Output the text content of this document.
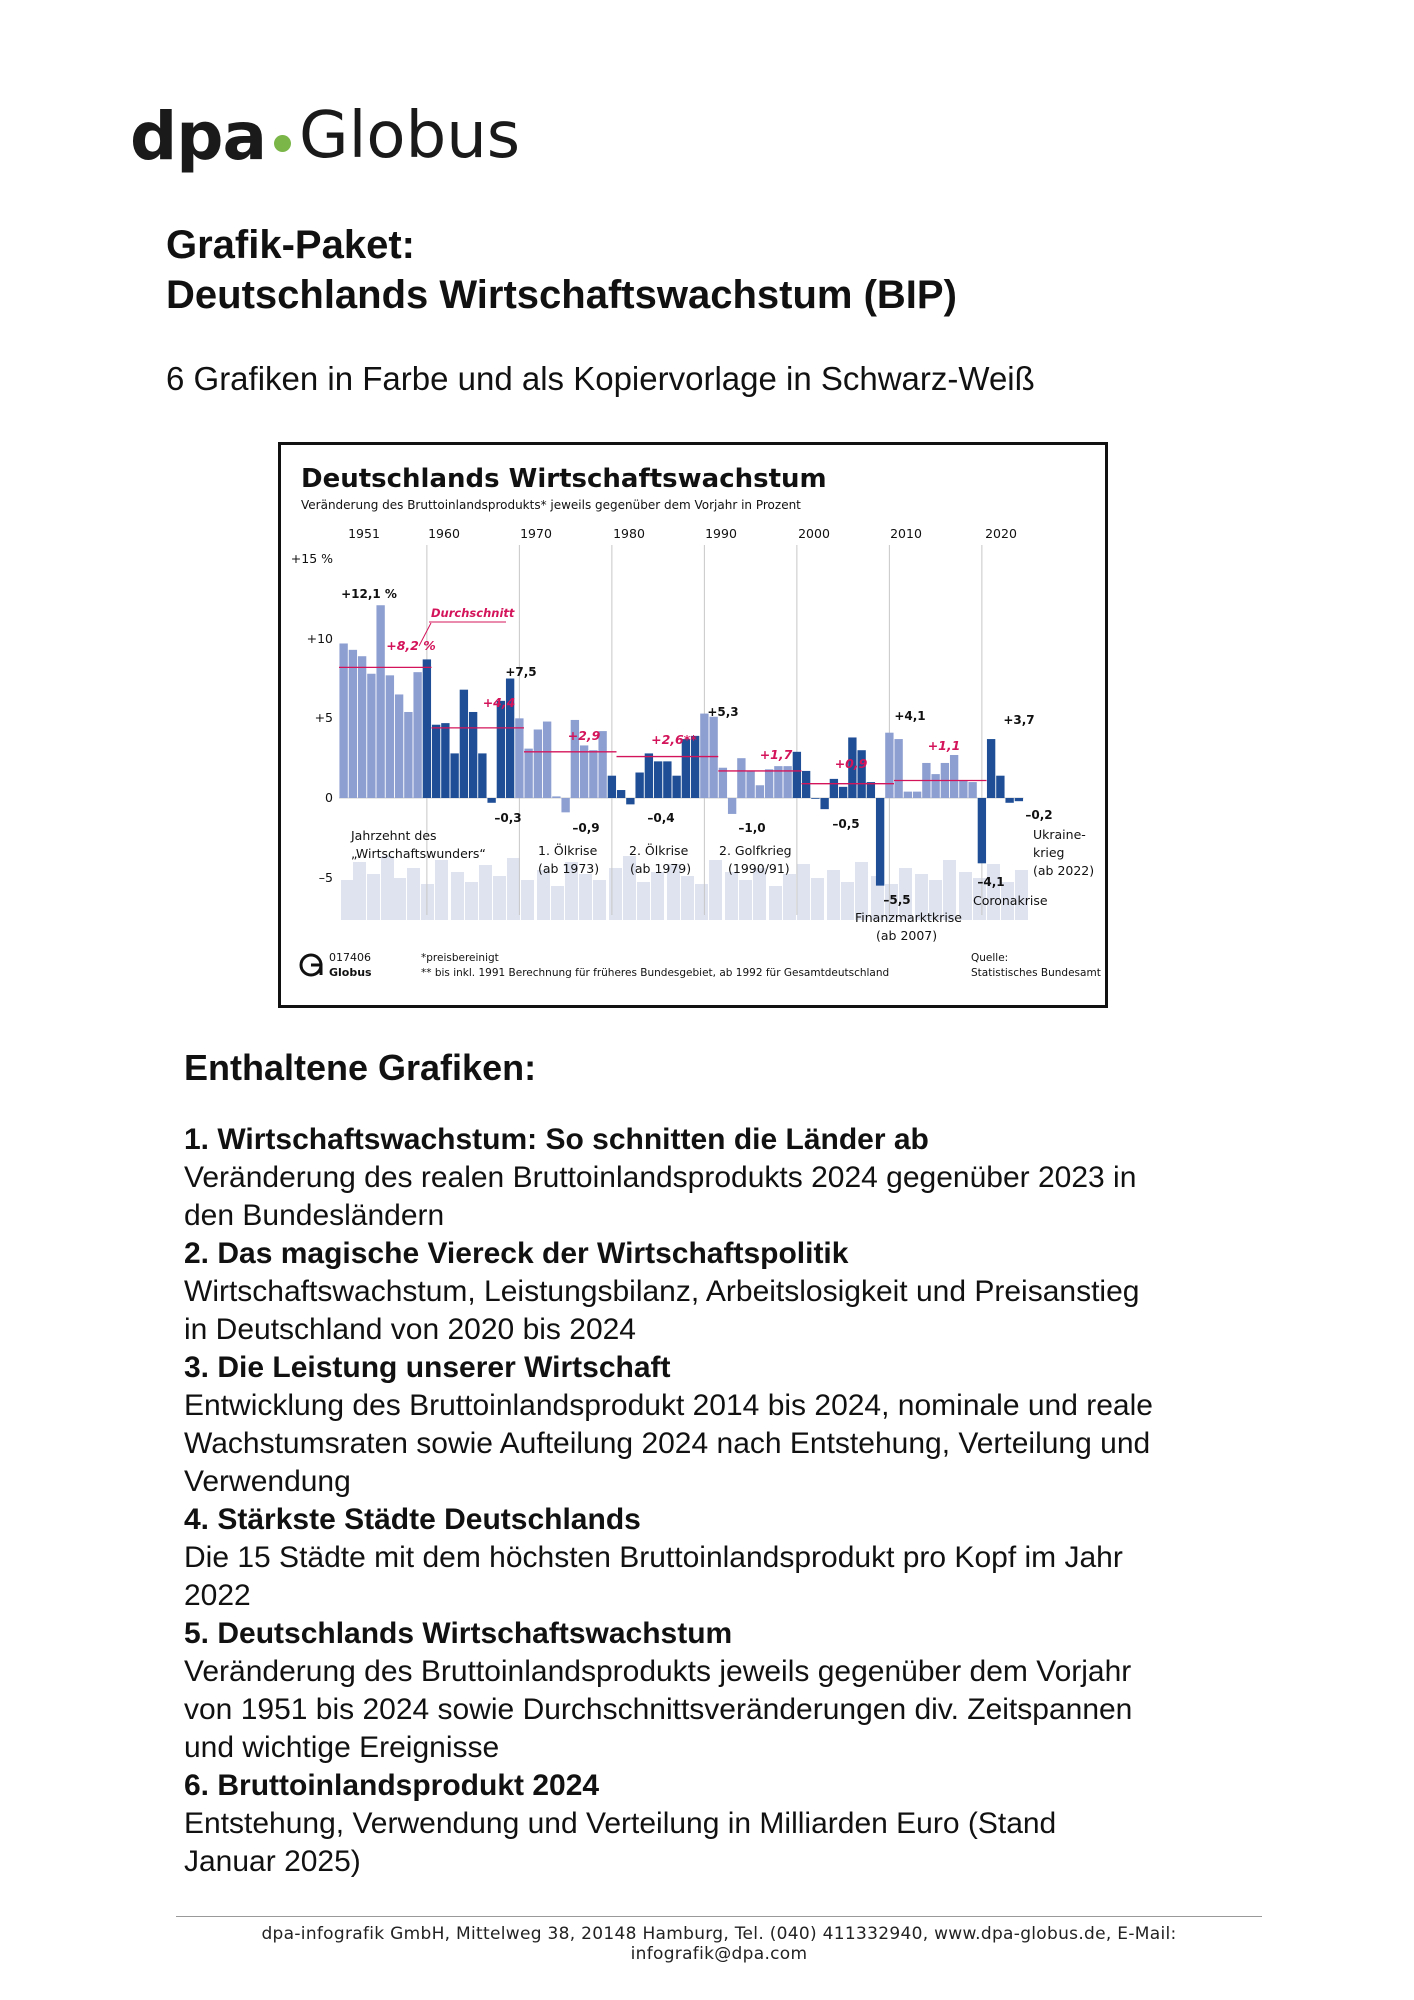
dpa Globus
Grafik-Paket:
Deutschlands Wirtschaftswachstum (BIP)
6 Grafiken in Farbe und als Kopiervorlage in Schwarz-Weiß
Deutschlands Wirtschaftswachstum
Veränderung des Bruttoinlandsprodukts* jeweils gegenüber dem Vorjahr in Prozent
1951	1960	1970	1980	1990	2000	2010	2020
+15 %
+10
+5
0
–5
+12,1 %
+7,5
–0,3
–0,9
–0,4
+5,3
–1,0	–0,5
+4,1
–5,5
–4,1
+3,7
–0,2
+8,2 %
+4,4
+2,9	+2,6**
+1,7
+0,9
+1,1
Durchschnitt
Jahrzehnt des
„Wirtschaftswunders“	1. Ölkrise
(ab 1973)
2. Ölkrise
(ab 1979)
2. Golfkrieg
(1990/91)
Finanzmarktkrise
(ab 2007)
Coronakrise
Ukraine-
krieg
(ab 2022)
017406
Globus
*preisbereinigt
** bis inkl. 1991 Berechnung für früheres Bundesgebiet, ab 1992 für Gesamtdeutschland
Quelle:
Statistisches Bundesamt
Enthaltene Grafiken:
1. Wirtschaftswachstum: So schnitten die Länder ab
Veränderung des realen Bruttoinlandsprodukts 2024 gegenüber 2023 in
den Bundesländern
2. Das magische Viereck der Wirtschaftspolitik
Wirtschaftswachstum, Leistungsbilanz, Arbeitslosigkeit und Preisanstieg
in Deutschland von 2020 bis 2024
3. Die Leistung unserer Wirtschaft
Entwicklung des Bruttoinlandsprodukt 2014 bis 2024, nominale und reale
Wachstumsraten sowie Aufteilung 2024 nach Entstehung, Verteilung und
Verwendung
4. Stärkste Städte Deutschlands
Die 15 Städte mit dem höchsten Bruttoinlandsprodukt pro Kopf im Jahr
2022
5. Deutschlands Wirtschaftswachstum
Veränderung des Bruttoinlandsprodukts jeweils gegenüber dem Vorjahr
von 1951 bis 2024 sowie Durchschnittsveränderungen div. Zeitspannen
und wichtige Ereignisse
6. Bruttoinlandsprodukt 2024
Entstehung, Verwendung und Verteilung in Milliarden Euro (Stand
Januar 2025)
dpa-infografik GmbH, Mittelweg 38, 20148 Hamburg, Tel. (040) 411332940, www.dpa-globus.de, E-Mail: infografik@dpa.com
